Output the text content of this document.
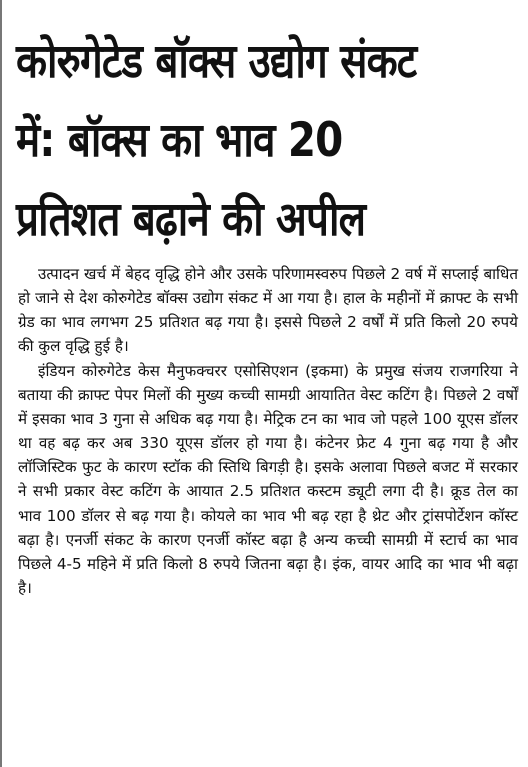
कोरुगेटेड बॉक्स उद्योग संकट में: बॉक्स का भाव 20 प्रतिशत बढ़ाने की अपील

उत्पादन खर्च में बेहद वृद्धि होने और उसके परिणामस्वरुप पिछले 2 वर्ष में सप्लाई बाधित हो जाने से देश कोरुगेटेड बॉक्स उद्योग संकट में आ गया है। हाल के महीनों में क्राफ्ट के सभी ग्रेड का भाव लगभग 25 प्रतिशत बढ़ गया है। इससे पिछले 2 वर्षों में प्रति किलो 20 रुपये की कुल वृद्धि हुई है।

इंडियन कोरुगेटेड केस मैनुफक्चरर एसोसिएशन (इकमा) के प्रमुख संजय राजगरिया ने बताया की क्राफ्ट पेपर मिलों की मुख्य कच्ची सामग्री आयातित वेस्ट कटिंग है। पिछले 2 वर्षों में इसका भाव 3 गुना से अधिक बढ़ गया है। मेट्रिक टन का भाव जो पहले 100 यूएस डॉलर था वह बढ़ कर अब 330 यूएस डॉलर हो गया है। कंटेनर फ्रेट 4 गुना बढ़ गया है और लॉजिस्टिक फुट के कारण स्टॉक की स्तिथि बिगड़ी है। इसके अलावा पिछले बजट में सरकार ने सभी प्रकार वेस्ट कटिंग के आयात 2.5 प्रतिशत कस्टम ड्यूटी लगा दी है। क्रूड तेल का भाव 100 डॉलर से बढ़ गया है। कोयले का भाव भी बढ़ रहा है थ्रेट और ट्रांसपोर्टेशन कॉस्ट बढ़ा है। एनर्जी संकट के कारण एनर्जी कॉस्ट बढ़ा है अन्य कच्ची सामग्री में स्टार्च का भाव पिछले 4-5 महिने में प्रति किलो 8 रुपये जितना बढ़ा है। इंक, वायर आदि का भाव भी बढ़ा है।
